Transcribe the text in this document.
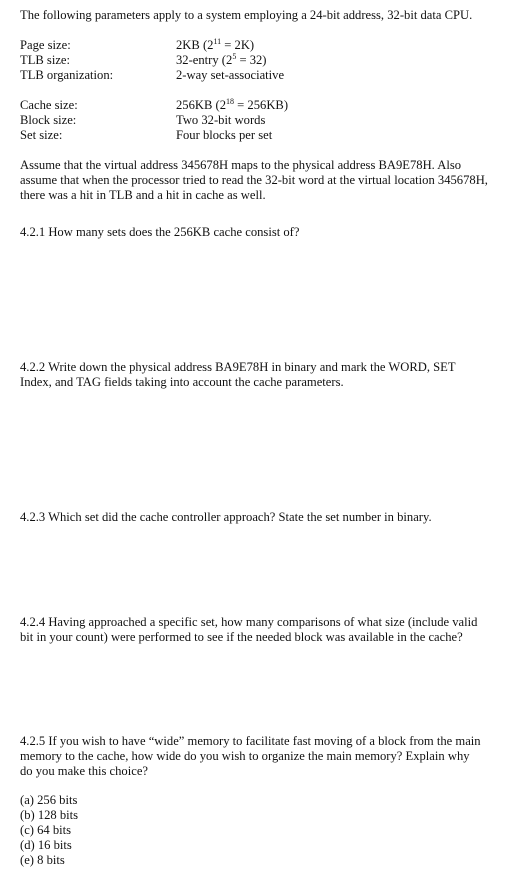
The following parameters apply to a system employing a 24-bit address, 32-bit data CPU.
Page size:	2KB $(2^{11} = 2K)$
TLB size:	32-entry $(2^5 = 32)$
TLB organization:	2-way set-associative
Cache size:	256KB $(2^{18} = 256KB)$
Block size:	Two 32-bit words
Set size:	Four blocks per set
Assume that the virtual address 345678H maps to the physical address BA9E78H. Also
assume that when the processor tried to read the 32-bit word at the virtual location 345678H,
there was a hit in TLB and a hit in cache as well.
4.2.1 How many sets does the 256KB cache consist of?
4.2.2 Write down the physical address BA9E78H in binary and mark the WORD, SET
Index, and TAG fields taking into account the cache parameters.
4.2.3 Which set did the cache controller approach? State the set number in binary.
4.2.4 Having approached a specific set, how many comparisons of what size (include valid
bit in your count) were performed to see if the needed block was available in the cache?
4.2.5 If you wish to have “wide” memory to facilitate fast moving of a block from the main
memory to the cache, how wide do you wish to organize the main memory? Explain why
do you make this choice?
(a) 256 bits
(b) 128 bits
(c) 64 bits
(d) 16 bits
(e) 8 bits
